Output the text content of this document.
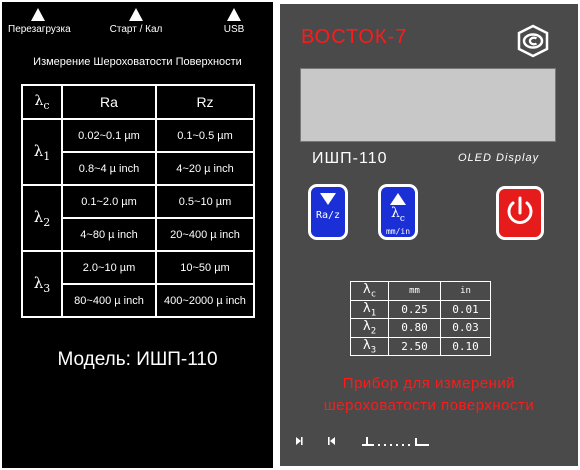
Перезагрузка	Старт / Кал	USB
Измерение Шероховатости Поверхности
$\lambda_c$	Ra	Rz
$\lambda_1$	0.02~0.1 µm	0.1~0.5 µm
	0.8~4 µ inch	4~20 µ inch
$\lambda_2$	0.1~2.0 µm	0.5~10 µm
	4~80 µ inch	20~400 µ inch
$\lambda_3$	2.0~10 µm	10~50 µm
	80~400 µ inch	400~2000 µ inch
Модель: ИШП-110
ВОСТОК-7
ИШП-110	OLED Display
Ra/z	$\lambda_c$
mm/in
$\lambda_c$	mm	in
$\lambda_1$	0.25	0.01
$\lambda_2$	0.80	0.03
$\lambda_3$	2.50	0.10
Прибор для измерений
шероховатости поверхности
